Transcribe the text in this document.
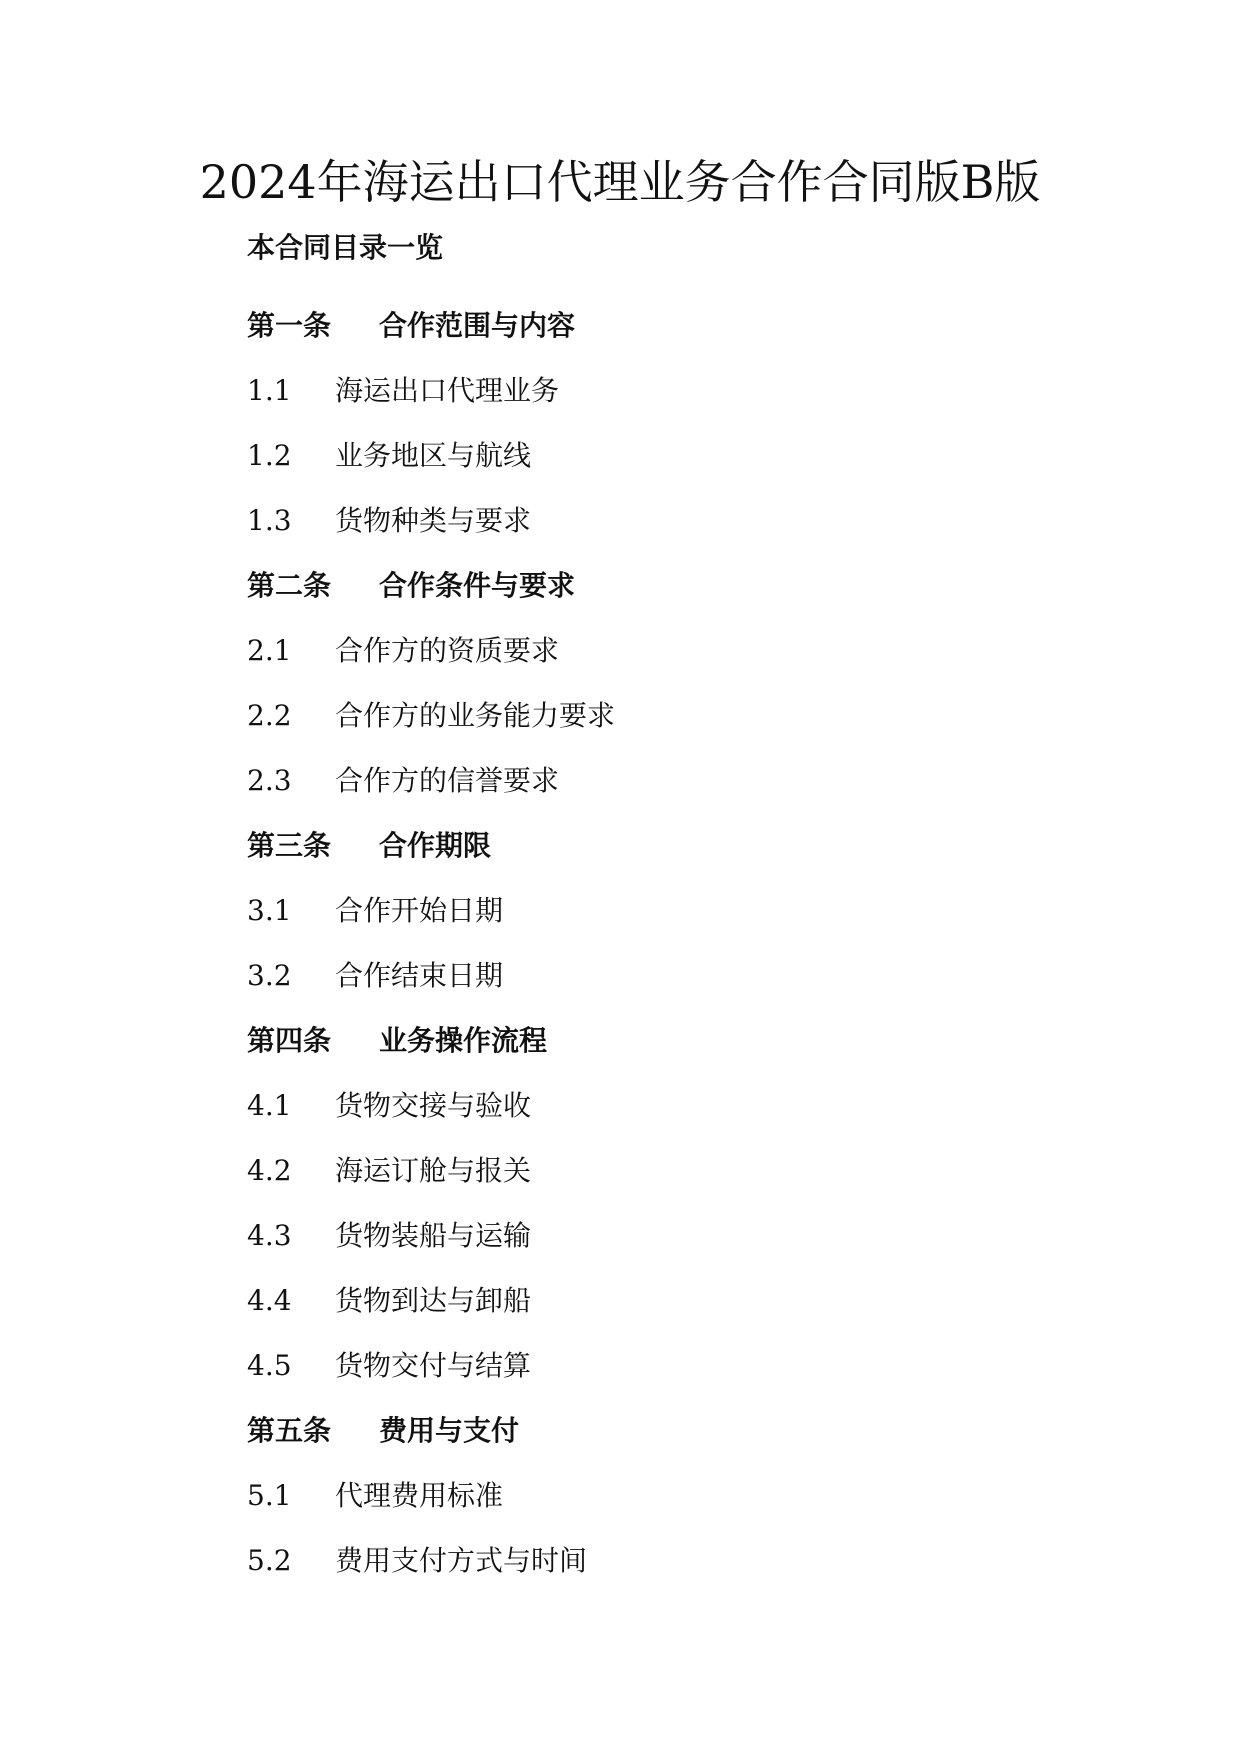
2024年海运出口代理业务合作合同版B版
本合同目录一览
第一条	合作范围与内容
1.1	海运出口代理业务
1.2	业务地区与航线
1.3	货物种类与要求
第二条	合作条件与要求
2.1	合作方的资质要求
2.2	合作方的业务能力要求
2.3	合作方的信誉要求
第三条	合作期限
3.1	合作开始日期
3.2	合作结束日期
第四条	业务操作流程
4.1	货物交接与验收
4.2	海运订舱与报关
4.3	货物装船与运输
4.4	货物到达与卸船
4.5	货物交付与结算
第五条	费用与支付
5.1	代理费用标准
5.2	费用支付方式与时间
